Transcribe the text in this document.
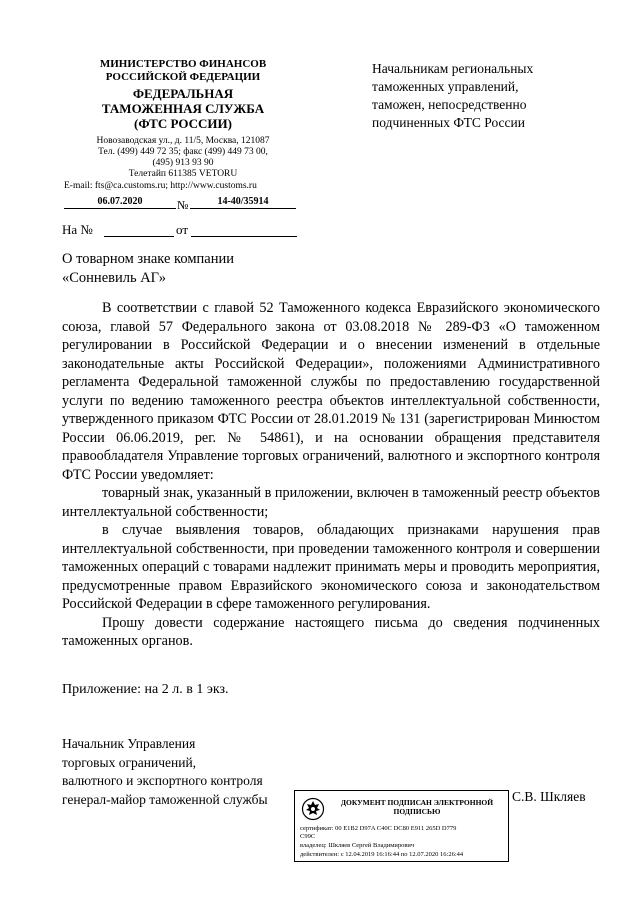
МИНИСТЕРСТВО ФИНАНСОВ
РОССИЙСКОЙ ФЕДЕРАЦИИ
ФЕДЕРАЛЬНАЯ
ТАМОЖЕННАЯ СЛУЖБА
(ФТС РОССИИ)
Новозаводская ул., д. 11/5, Москва, 121087
Тел. (499) 449 72 35; факс (499) 449 73 00,
(495) 913 93 90
Телетайп 611385 VETORU
E-mail: fts@ca.customs.ru; http://www.customs.ru
06.07.2020	№	14-40/35914
На №	от
Начальникам региональных
таможенных управлений,
таможен, непосредственно
подчиненных ФТС России
О товарном знаке компании
«Сонневиль АГ»

В соответствии с главой 52 Таможенного кодекса Евразийского экономического союза, главой 57 Федерального закона от 03.08.2018 № 289-ФЗ «О таможенном регулировании в Российской Федерации и о внесении изменений в отдельные законодательные акты Российской Федерации», положениями Административного регламента Федеральной таможенной службы по предоставлению государственной услуги по ведению таможенного реестра объектов интеллектуальной собственности, утвержденного приказом ФТС России от 28.01.2019 № 131 (зарегистрирован Минюстом России 06.06.2019, рег. № 54861), и на основании обращения представителя правообладателя Управление торговых ограничений, валютного и экспортного контроля ФТС России уведомляет:

товарный знак, указанный в приложении, включен в таможенный реестр объектов интеллектуальной собственности;

в случае выявления товаров, обладающих признаками нарушения прав интеллектуальной собственности, при проведении таможенного контроля и совершении таможенных операций с товарами надлежит принимать меры и проводить мероприятия, предусмотренные правом Евразийского экономического союза и законодательством Российской Федерации в сфере таможенного регулирования.

Прошу довести содержание настоящего письма до сведения подчиненных таможенных органов.

Приложение: на 2 л. в 1 экз.
Начальник Управления
торговых ограничений,
валютного и экспортного контроля
генерал-майор таможенной службы	С.В. Шкляев
ДОКУМЕНТ ПОДПИСАН ЭЛЕКТРОННОЙ
ПОДПИСЬЮ
сертификат: 00 E1B2 D97A C40C DC80 E911 265D D779
C99C
владелец: Шкляев Сергей Владимирович
действителен: с 12.04.2019 16:16:44 по 12.07.2020 16:26:44
